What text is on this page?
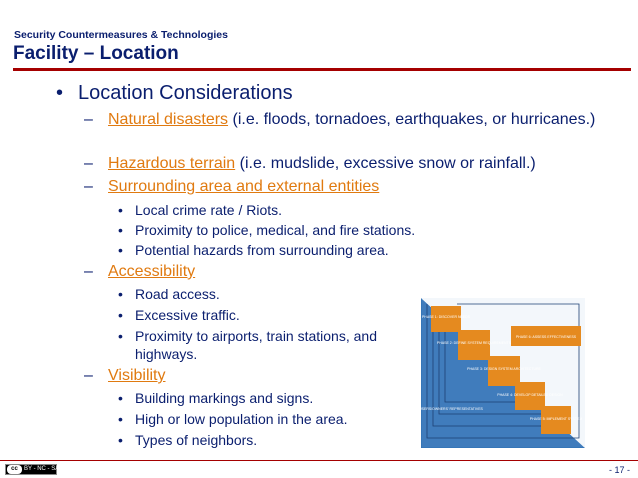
Security Countermeasures & Technologies
Facility – Location
• Location Considerations
– Natural disasters (i.e. floods, tornadoes, earthquakes, or hurricanes.)
– Hazardous terrain (i.e. mudslide, excessive snow or rainfall.)
– Surrounding area and external entities
• Local crime rate / Riots.
• Proximity to police, medical, and fire stations.
• Potential hazards from surrounding area.
– Accessibility
• Road access.
• Excessive traffic.
• Proximity to airports, train stations, and highways.
– Visibility
• Building markings and signs.
• High or low population in the area.
• Types of neighbors.
PHASE 1: DISCOVER NEEDS
PHASE 2: DEFINE SYSTEM REQUIREMENTS
PHASE 3: DESIGN SYSTEM ARCHITECTURE
PHASE 4: DEVELOP DETAILED DESIGN
PHASE 5: IMPLEMENT SYSTEM
PHASE 6: ASSESS EFFECTIVENESS
USERS/OWNERS' REPRESENTATIVES
cc	BY - NC - SA	- 17 -
